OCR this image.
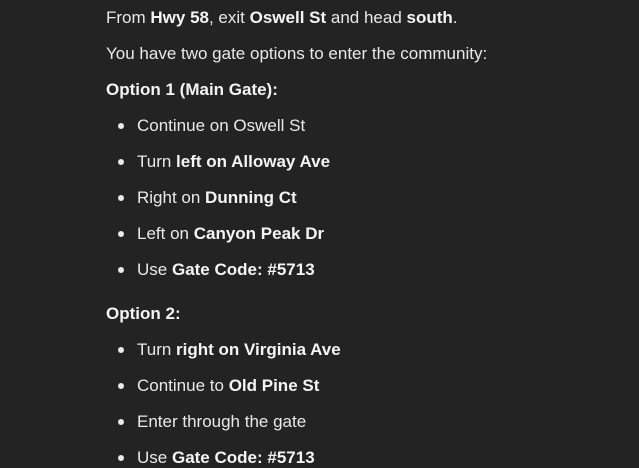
From Hwy 58, exit Oswell St and head south.

You have two gate options to enter the community:

Option 1 (Main Gate):

Continue on Oswell St
Turn left on Alloway Ave
Right on Dunning Ct
Left on Canyon Peak Dr
Use Gate Code: #5713

Option 2:

Turn right on Virginia Ave
Continue to Old Pine St
Enter through the gate
Use Gate Code: #5713
